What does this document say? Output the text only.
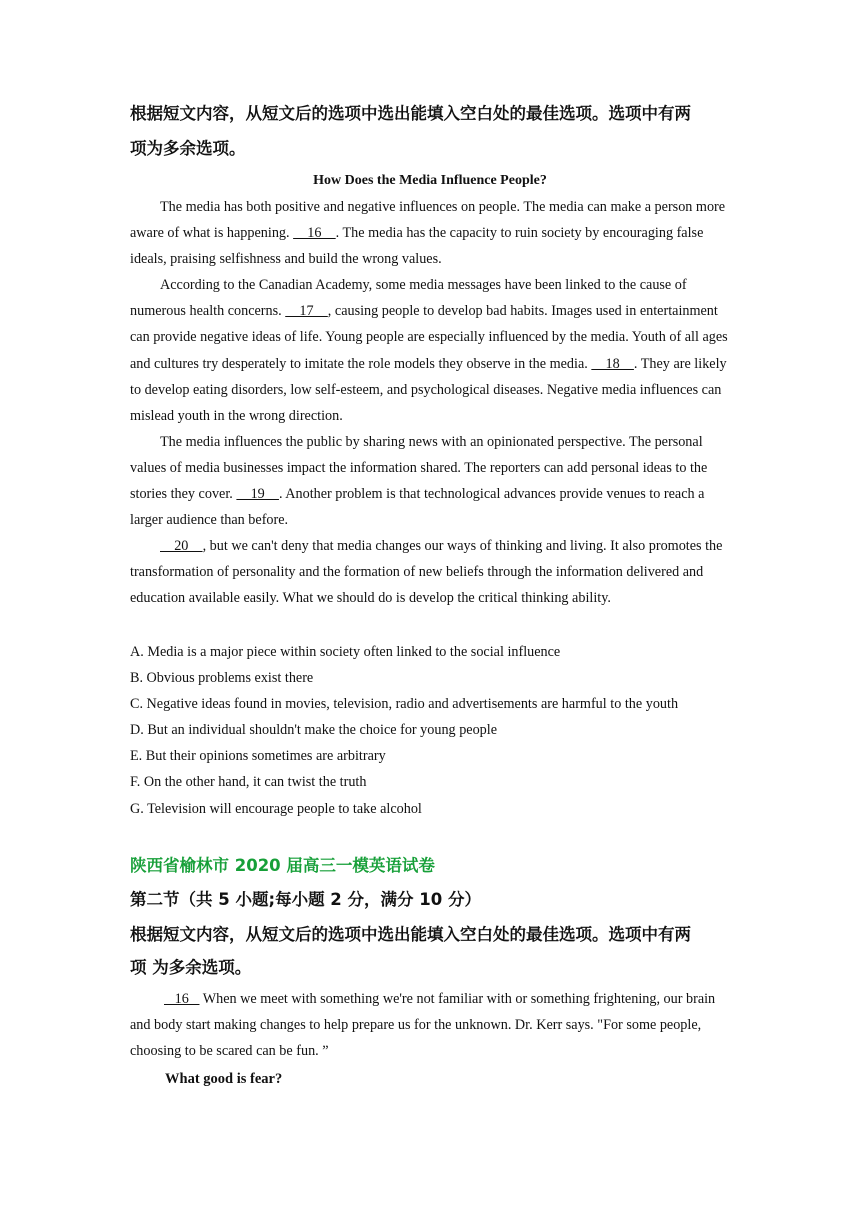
根据短文内容，从短文后的选项中选出能填入空白处的最佳选项。选项中有两

项为多余选项。

How Does the Media Influence People?

The media has both positive and negative influences on people. The media can make a person more aware of what is happening.     16    . The media has the capacity to ruin society by encouraging false ideals, praising selfishness and build the wrong values.

According to the Canadian Academy, some media messages have been linked to the cause of numerous health concerns.     17    , causing people to develop bad habits. Images used in entertainment can provide negative ideas of life. Young people are especially influenced by the media. Youth of all ages and cultures try desperately to imitate the role models they observe in the media.     18    . They are likely to develop eating disorders, low self-esteem, and psychological diseases. Negative media influences can mislead youth in the wrong direction.

The media influences the public by sharing news with an opinionated perspective. The personal values of media businesses impact the information shared. The reporters can add personal ideas to the stories they cover.     19    . Another problem is that technological advances provide venues to reach a larger audience than before.

20    , but we can't deny that media changes our ways of thinking and living. It also promotes the transformation of personality and the formation of new beliefs through the information delivered and education available easily. What we should do is develop the critical thinking ability.

A. Media is a major piece within society often linked to the social influence
B. Obvious problems exist there
C. Negative ideas found in movies, television, radio and advertisements are harmful to the youth
D. But an individual shouldn't make the choice for young people
E. But their opinions sometimes are arbitrary
F. On the other hand, it can twist the truth
G. Television will encourage people to take alcohol

陕西省榆林市 2020 届高三一模英语试卷

第二节（共 5 小题;每小题 2 分，满分 10 分）

根据短文内容，从短文后的选项中选出能填入空白处的最佳选项。选项中有两

项 为多余选项。

16    When we meet with something we're not familiar with or something frightening, our brain and body start making changes to help prepare us for the unknown. Dr. Kerr says. "For some people, choosing to be scared can be fun. ”

What good is fear?
